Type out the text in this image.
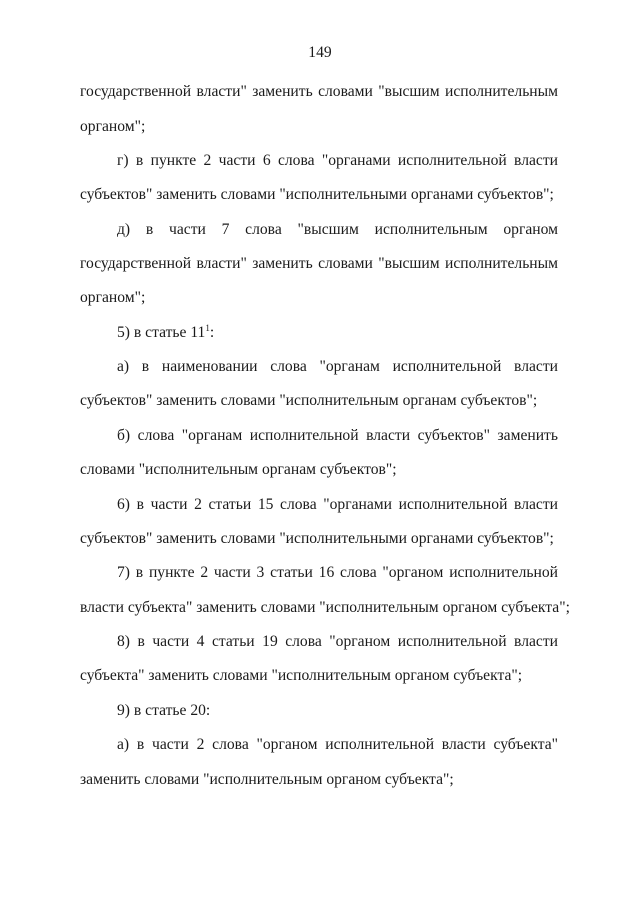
149
государственной власти" заменить словами "высшим исполнительным
органом";
г) в пункте 2 части 6 слова "органами исполнительной власти
субъектов" заменить словами "исполнительными органами субъектов";
д) в части 7 слова "высшим исполнительным органом
государственной власти" заменить словами "высшим исполнительным
органом";
5) в статье $11^1$:
а) в наименовании слова "органам исполнительной власти
субъектов" заменить словами "исполнительным органам субъектов";
б) слова "органам исполнительной власти субъектов" заменить
словами "исполнительным органам субъектов";
6) в части 2 статьи 15 слова "органами исполнительной власти
субъектов" заменить словами "исполнительными органами субъектов";
7) в пункте 2 части 3 статьи 16 слова "органом исполнительной
власти субъекта" заменить словами "исполнительным органом субъекта";
8) в части 4 статьи 19 слова "органом исполнительной власти
субъекта" заменить словами "исполнительным органом субъекта";
9) в статье 20:
а) в части 2 слова "органом исполнительной власти субъекта"
заменить словами "исполнительным органом субъекта";
